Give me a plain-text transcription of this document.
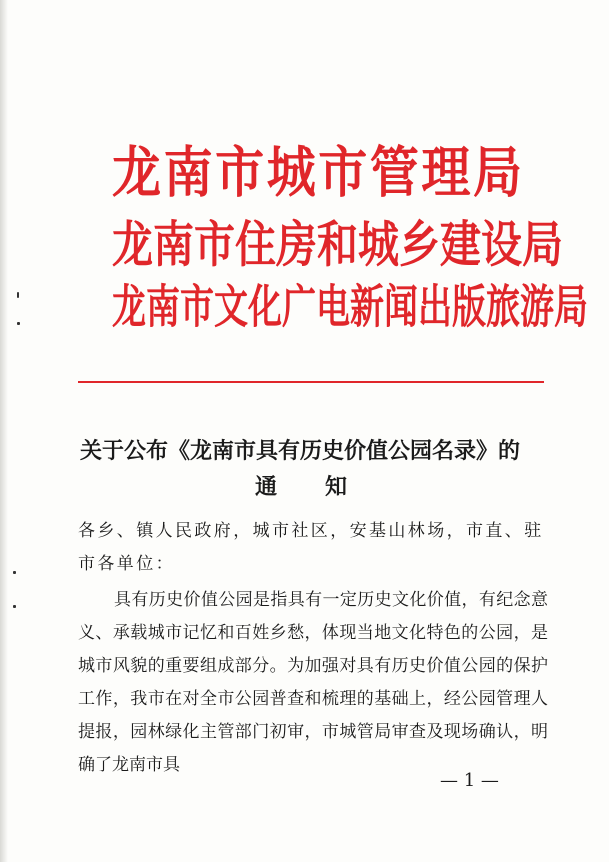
龙南市城市管理局
龙南市住房和城乡建设局
龙南市文化广电新闻出版旅游局
关于公布《龙南市具有历史价值公园名录》的
通知
各乡、镇人民政府，城市社区，安基山林场，市直、驻市各单位：
具有历史价值公园是指具有一定历史文化价值，有纪念意义、承载城市记忆和百姓乡愁，体现当地文化特色的公园，是城市风貌的重要组成部分。为加强对具有历史价值公园的保护工作，我市在对全市公园普查和梳理的基础上，经公园管理人提报，园林绿化主管部门初审，市城管局审查及现场确认，明确了龙南市具
— 1 —
